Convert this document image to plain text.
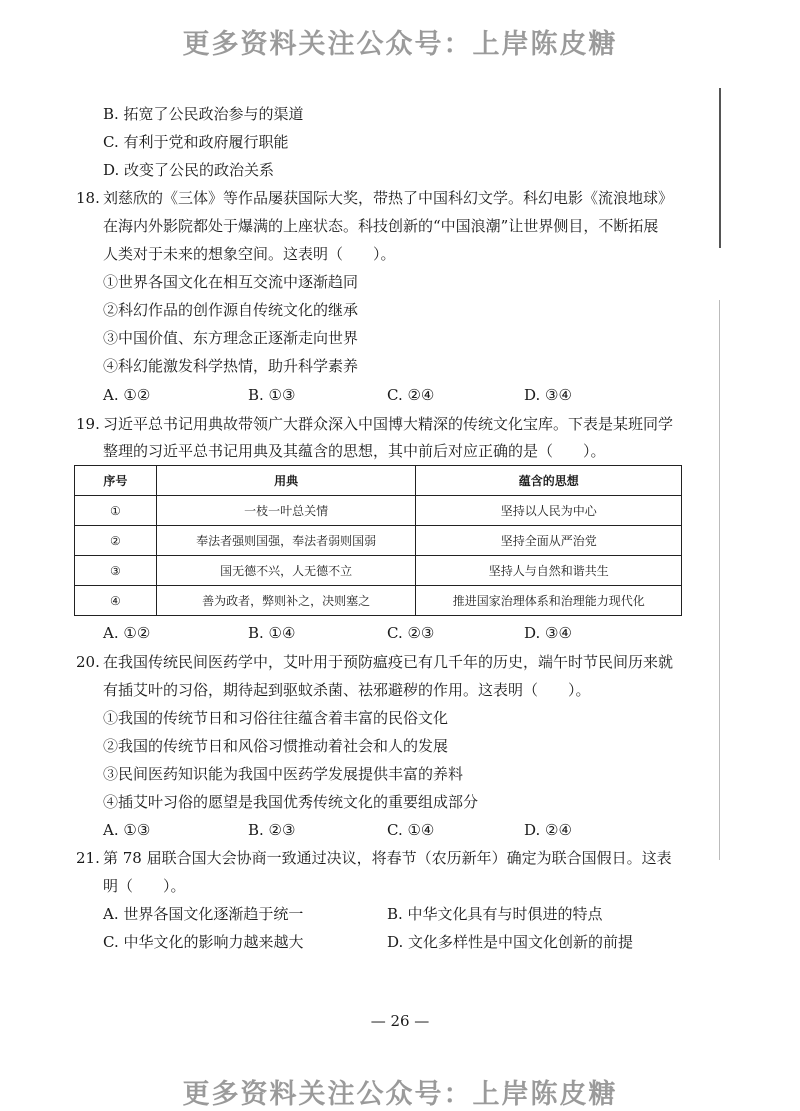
更多资料关注公众号：上岸陈皮糖
B. 拓宽了公民政治参与的渠道
C. 有利于党和政府履行职能
D. 改变了公民的政治关系
18. 刘慈欣的《三体》等作品屡获国际大奖，带热了中国科幻文学。科幻电影《流浪地球》
在海内外影院都处于爆满的上座状态。科技创新的“中国浪潮”让世界侧目，不断拓展
人类对于未来的想象空间。这表明（　　）。
①世界各国文化在相互交流中逐渐趋同
②科幻作品的创作源自传统文化的继承
③中国价值、东方理念正逐渐走向世界
④科幻能激发科学热情，助升科学素养
A. ①②	B. ①③	C. ②④	D. ③④
19. 习近平总书记用典故带领广大群众深入中国博大精深的传统文化宝库。下表是某班同学
整理的习近平总书记用典及其蕴含的思想，其中前后对应正确的是（　　）。
序号	用典	蕴含的思想
①	一枝一叶总关情	坚持以人民为中心
②	奉法者强则国强，奉法者弱则国弱	坚持全面从严治党
③	国无德不兴，人无德不立	坚持人与自然和谐共生
④	善为政者，弊则补之，决则塞之	推进国家治理体系和治理能力现代化
A. ①②	B. ①④	C. ②③	D. ③④
20. 在我国传统民间医药学中，艾叶用于预防瘟疫已有几千年的历史，端午时节民间历来就
有插艾叶的习俗，期待起到驱蚊杀菌、祛邪避秽的作用。这表明（　　）。
①我国的传统节日和习俗往往蕴含着丰富的民俗文化
②我国的传统节日和风俗习惯推动着社会和人的发展
③民间医药知识能为我国中医药学发展提供丰富的养料
④插艾叶习俗的愿望是我国优秀传统文化的重要组成部分
A. ①③	B. ②③	C. ①④	D. ②④
21. 第 78 届联合国大会协商一致通过决议，将春节（农历新年）确定为联合国假日。这表
明（　　）。
A. 世界各国文化逐渐趋于统一	B. 中华文化具有与时俱进的特点
C. 中华文化的影响力越来越大	D. 文化多样性是中国文化创新的前提
— 26 —
更多资料关注公众号：上岸陈皮糖
